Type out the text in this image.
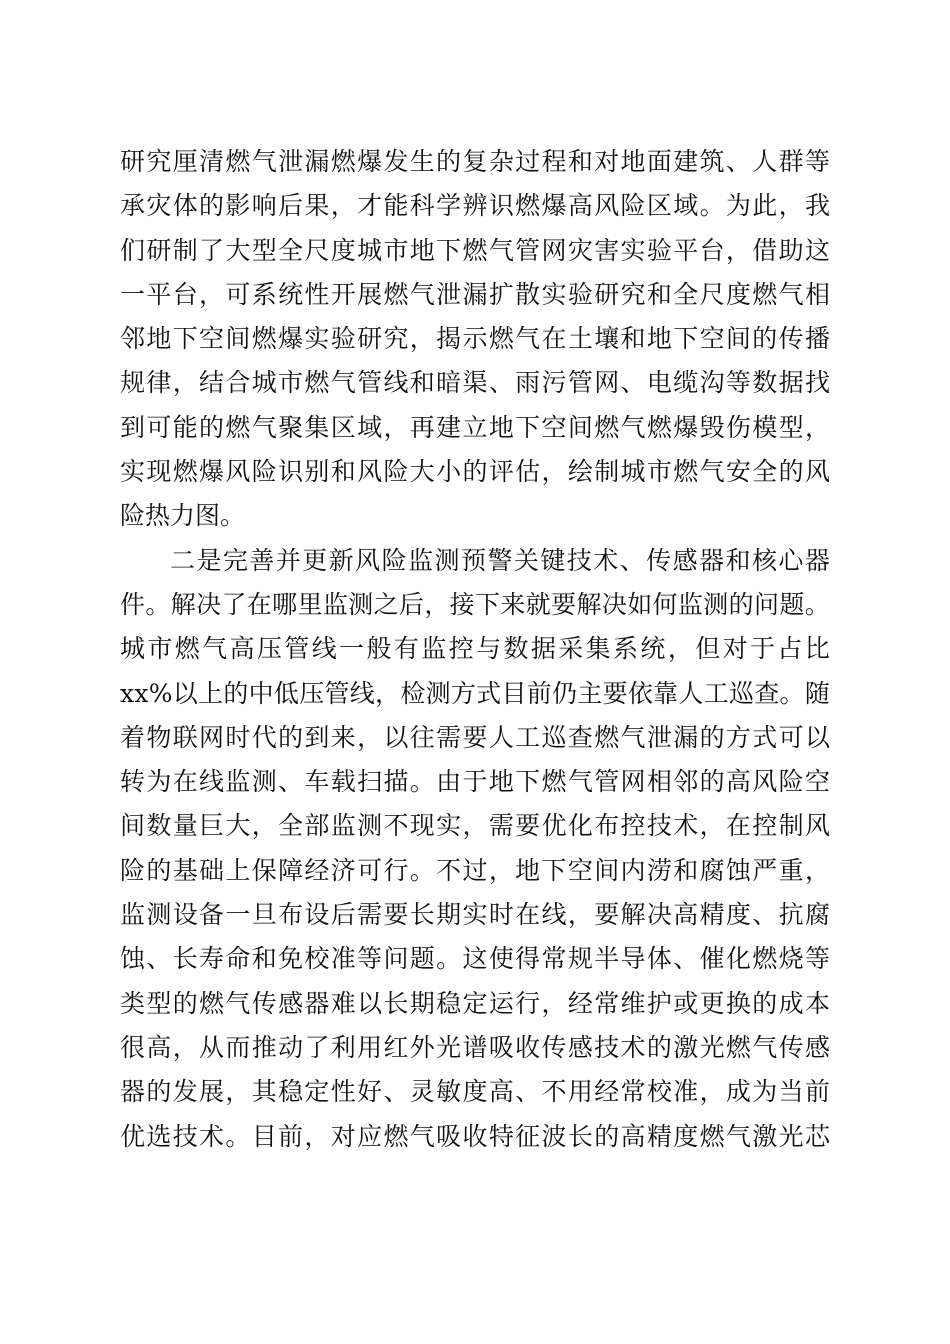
研 究 厘 清 燃 气 泄 漏 燃 爆 发 生 的 复 杂 过 程 和 对 地 面 建 筑 、 人 群 等
承 灾 体 的 影 响 后 果 ， 才 能 科 学 辨 识 燃 爆 高 风 险 区 域 。 为 此 ， 我
们 研 制 了 大 型 全 尺 度 城 市 地 下 燃 气 管 网 灾 害 实 验 平 台 ， 借 助 这
一 平 台 ， 可 系 统 性 开 展 燃 气 泄 漏 扩 散 实 验 研 究 和 全 尺 度 燃 气 相
邻 地 下 空 间 燃 爆 实 验 研 究 ， 揭 示 燃 气 在 土 壤 和 地 下 空 间 的 传 播
规 律 ， 结 合 城 市 燃 气 管 线 和 暗 渠 、 雨 污 管 网 、 电 缆 沟 等 数 据 找
到 可 能 的 燃 气 聚 集 区 域 ， 再 建 立 地 下 空 间 燃 气 燃 爆 毁 伤 模 型 ，
实 现 燃 爆 风 险 识 别 和 风 险 大 小 的 评 估 ， 绘 制 城 市 燃 气 安 全 的 风
险热力图。
二 是 完 善 并 更 新 风 险 监 测 预 警 关 键 技 术 、 传 感 器 和 核 心 器
件 。 解 决 了 在 哪 里 监 测 之 后 ， 接 下 来 就 要 解 决 如 何 监 测 的 问 题 。
城 市 燃 气 高 压 管 线 一 般 有 监 控 与 数 据 采 集 系 统 ， 但 对 于 占 比
x x % 以 上 的 中 低 压 管 线 ， 检 测 方 式 目 前 仍 主 要 依 靠 人 工 巡 查 。 随
着 物 联 网 时 代 的 到 来 ， 以 往 需 要 人 工 巡 查 燃 气 泄 漏 的 方 式 可 以
转 为 在 线 监 测 、 车 载 扫 描 。 由 于 地 下 燃 气 管 网 相 邻 的 高 风 险 空
间 数 量 巨 大 ， 全 部 监 测 不 现 实 ， 需 要 优 化 布 控 技 术 ， 在 控 制 风
险 的 基 础 上 保 障 经 济 可 行 。 不 过 ， 地 下 空 间 内 涝 和 腐 蚀 严 重 ，
监 测 设 备 一 旦 布 设 后 需 要 长 期 实 时 在 线 ， 要 解 决 高 精 度 、 抗 腐
蚀 、 长 寿 命 和 免 校 准 等 问 题 。 这 使 得 常 规 半 导 体 、 催 化 燃 烧 等
类 型 的 燃 气 传 感 器 难 以 长 期 稳 定 运 行 ， 经 常 维 护 或 更 换 的 成 本
很 高 ， 从 而 推 动 了 利 用 红 外 光 谱 吸 收 传 感 技 术 的 激 光 燃 气 传 感
器 的 发 展 ， 其 稳 定 性 好 、 灵 敏 度 高 、 不 用 经 常 校 准 ， 成 为 当 前
优 选 技 术 。 目 前 ， 对 应 燃 气 吸 收 特 征 波 长 的 高 精 度 燃 气 激 光 芯
